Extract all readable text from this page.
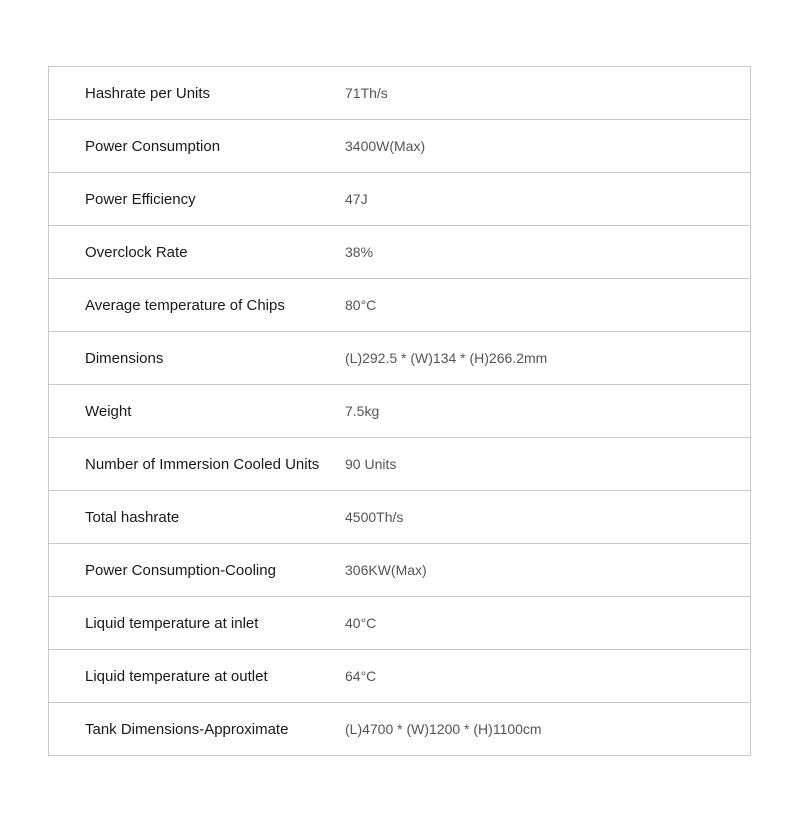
Hashrate per Units	71Th/s
Power Consumption	3400W(Max)
Power Efficiency	47J
Overclock Rate	38%
Average temperature of Chips	80°C
Dimensions	(L)292.5 * (W)134 * (H)266.2mm
Weight	7.5kg
Number of Immersion Cooled Units	90 Units
Total hashrate	4500Th/s
Power Consumption-Cooling	306KW(Max)
Liquid temperature at inlet	40°C
Liquid temperature at outlet	64°C
Tank Dimensions-Approximate	(L)4700 * (W)1200 * (H)1100cm
